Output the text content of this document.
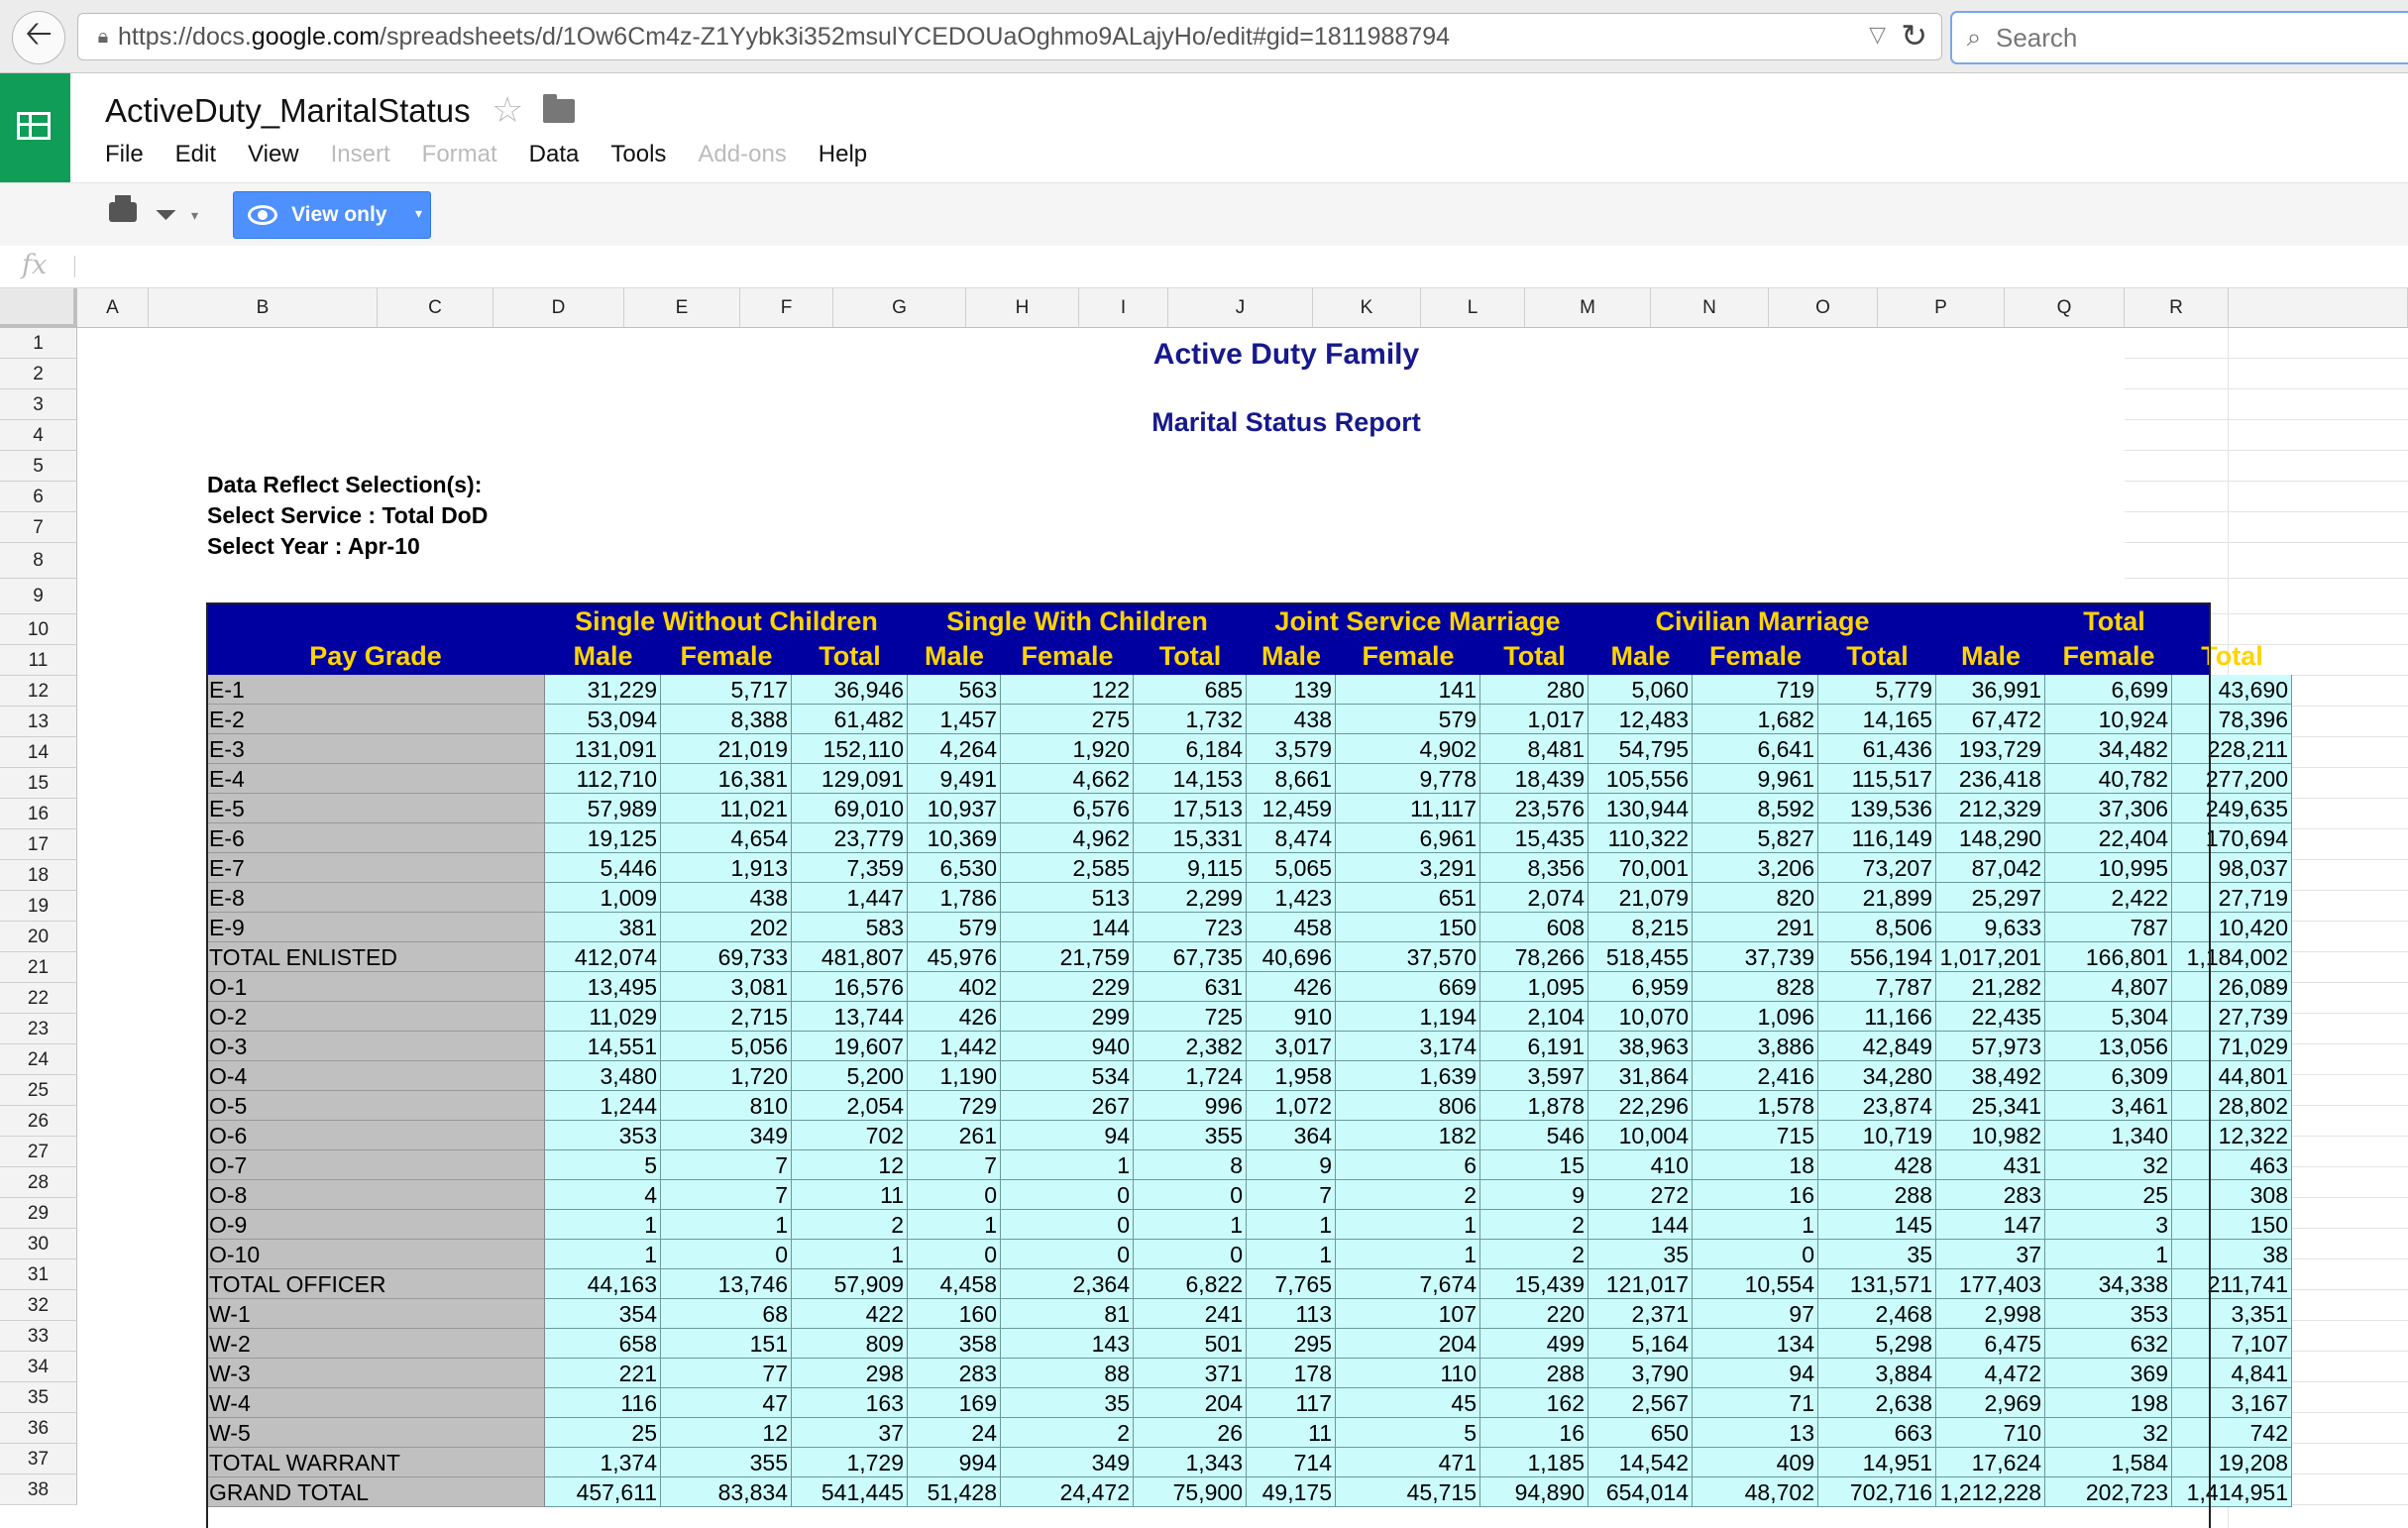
🡠	🔒︎ https://docs.google.com/spreadsheets/d/1Ow6Cm4z-Z1Yybk3i352msulYCEDOUaOghmo9ALajyHo/edit#gid=1811988794	▽ ↻	⌕ Search
ActiveDuty_MaritalStatus ☆
File Edit View Insert Format Data Tools Add-ons Help
⏷ ▾	View only ▾
fx
A	B	C	D	E	F	G	H	I	J	K	L	M	N	O	P	Q	R
1
2
3
4
5
6
7
8
9
10
11
12
13
14
15
16
17
18
19
20
21
22
23
24
25
26
27
28
29
30
31
32
33
34
35
36
37
38
Active Duty Family
Marital Status Report
Data Reflect Selection(s):
Select Service : Total DoD
Select Year : Apr-10
Single Without Children	Single With Children	Joint Service Marriage	Civilian Marriage	Total
Pay Grade	Male	Female	Total	Male	Female	Total	Male	Female	Total	Male	Female	Total	Male	Female	Total
E-1	31,229	5,717	36,946	563	122	685	139	141	280	5,060	719	5,779	36,991	6,699	43,690
E-2	53,094	8,388	61,482	1,457	275	1,732	438	579	1,017	12,483	1,682	14,165	67,472	10,924	78,396
E-3	131,091	21,019	152,110	4,264	1,920	6,184	3,579	4,902	8,481	54,795	6,641	61,436	193,729	34,482	228,211
E-4	112,710	16,381	129,091	9,491	4,662	14,153	8,661	9,778	18,439 105,556	9,961	115,517	236,418	40,782	277,200
E-5	57,989	11,021	69,010	10,937	6,576	17,513 12,459	11,117	23,576 130,944	8,592	139,536	212,329	37,306	249,635
E-6	19,125	4,654	23,779	10,369	4,962	15,331	8,474	6,961	15,435	110,322	5,827	116,149	148,290	22,404	170,694
E-7	5,446	1,913	7,359	6,530	2,585	9,115	5,065	3,291	8,356	70,001	3,206	73,207	87,042	10,995	98,037
E-8	1,009	438	1,447	1,786	513	2,299	1,423	651	2,074	21,079	820	21,899	25,297	2,422	27,719
E-9	381	202	583	579	144	723	458	150	608	8,215	291	8,506	9,633	787	10,420
TOTAL ENLISTED	412,074	69,733	481,807	45,976	21,759	67,735 40,696	37,570	78,266 518,455	37,739	556,194 1,017,201	166,801 1,184,002
O-1	13,495	3,081	16,576	402	229	631	426	669	1,095	6,959	828	7,787	21,282	4,807	26,089
O-2	11,029	2,715	13,744	426	299	725	910	1,194	2,104	10,070	1,096	11,166	22,435	5,304	27,739
O-3	14,551	5,056	19,607	1,442	940	2,382	3,017	3,174	6,191	38,963	3,886	42,849	57,973	13,056	71,029
O-4	3,480	1,720	5,200	1,190	534	1,724	1,958	1,639	3,597	31,864	2,416	34,280	38,492	6,309	44,801
O-5	1,244	810	2,054	729	267	996	1,072	806	1,878	22,296	1,578	23,874	25,341	3,461	28,802
O-6	353	349	702	261	94	355	364	182	546	10,004	715	10,719	10,982	1,340	12,322
O-7	5	7	12	7	1	8	9	6	15	410	18	428	431	32	463
O-8	4	7	11	0	0	0	7	2	9	272	16	288	283	25	308
O-9	1	1	2	1	0	1	1	1	2	144	1	145	147	3	150
O-10	1	0	1	0	0	0	1	1	2	35	0	35	37	1	38
TOTAL OFFICER	44,163	13,746	57,909	4,458	2,364	6,822	7,765	7,674	15,439 121,017	10,554	131,571	177,403	34,338	211,741
W-1	354	68	422	160	81	241	113	107	220	2,371	97	2,468	2,998	353	3,351
W-2	658	151	809	358	143	501	295	204	499	5,164	134	5,298	6,475	632	7,107
W-3	221	77	298	283	88	371	178	110	288	3,790	94	3,884	4,472	369	4,841
W-4	116	47	163	169	35	204	117	45	162	2,567	71	2,638	2,969	198	3,167
W-5	25	12	37	24	2	26	11	5	16	650	13	663	710	32	742
TOTAL WARRANT	1,374	355	1,729	994	349	1,343	714	471	1,185	14,542	409	14,951	17,624	1,584	19,208
GRAND TOTAL	457,611	83,834	541,445	51,428	24,472	75,900 49,175	45,715	94,890 654,014	48,702	702,716 1,212,228	202,723 1,414,951
